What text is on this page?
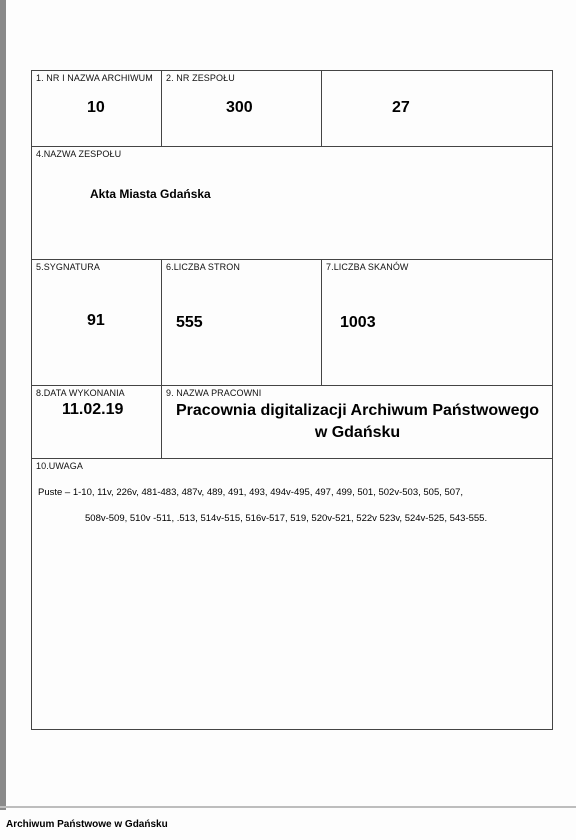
1. NR I NAZWA ARCHIWUM
10
2. NR ZESPOŁU
300	27
4.NAZWA ZESPOŁU
Akta Miasta Gdańska
5.SYGNATURA
91
6.LICZBA STRON
555
7.LICZBA SKANÓW
1003
8.DATA WYKONANIA
11.02.19
9. NAZWA PRACOWNI
Pracownia digitalizacji Archiwum Państwowego
w Gdańsku
10.UWAGA
Puste – 1-10, 11v, 226v, 481-483, 487v, 489, 491, 493, 494v-495, 497, 499, 501, 502v-503, 505, 507,
508v-509, 510v -511, .513, 514v-515, 516v-517, 519, 520v-521, 522v 523v, 524v-525, 543-555.
Archiwum Państwowe w Gdańsku
